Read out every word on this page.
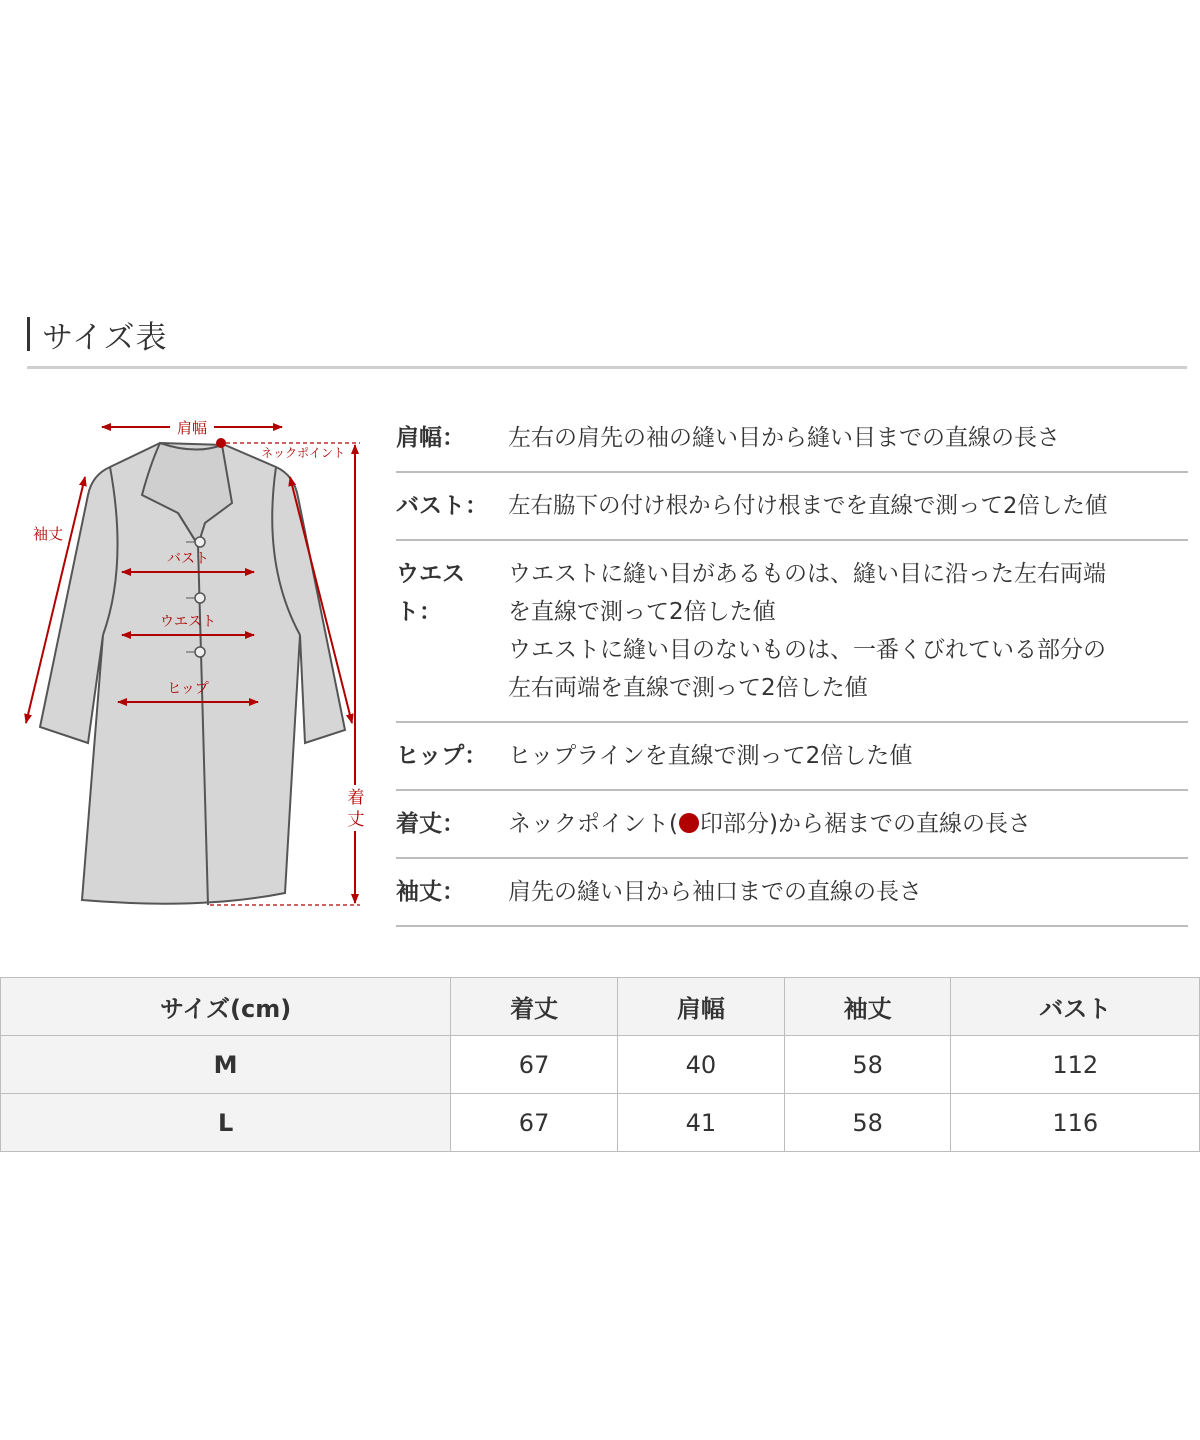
サイズ表
肩幅
ネックポイント
着
丈
袖丈
バスト
ウエスト
ヒップ
肩幅：	左右の肩先の袖の縫い目から縫い目までの直線の長さ
バスト： 左右脇下の付け根から付け根までを直線で測って2倍した値
ウエスト：
ウエストに縫い目があるものは、縫い目に沿った左右両端
を直線で測って2倍した値
ウエストに縫い目のないものは、一番くびれている部分の
左右両端を直線で測って2倍した値
ヒップ： ヒップラインを直線で測って2倍した値
着丈：	ネックポイント( 印部分)から裾までの直線の長さ
袖丈：	肩先の縫い目から袖口までの直線の長さ
サイズ(cm)	着丈	肩幅	袖丈	バスト
M	67	40	58	112
L	67	41	58	116
